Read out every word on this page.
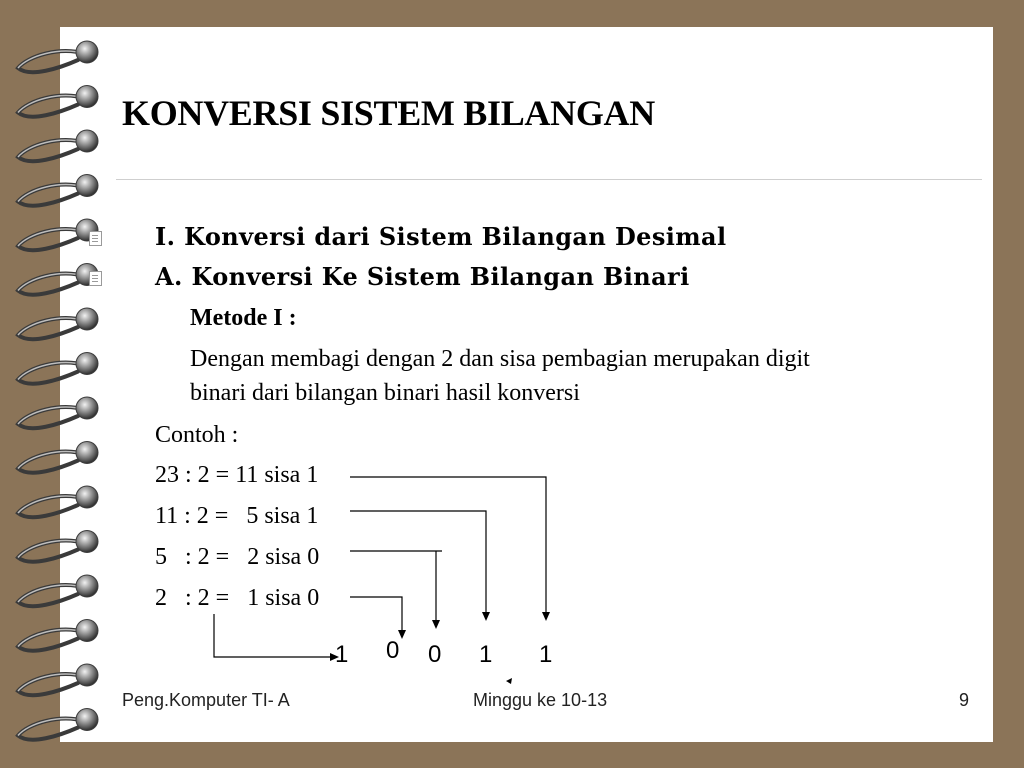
KONVERSI SISTEM BILANGAN
I. Konversi dari Sistem Bilangan Desimal
A. Konversi Ke Sistem Bilangan Binari
Metode I :
Dengan membagi dengan 2 dan sisa pembagian merupakan digit
binari dari bilangan binari hasil konversi
Contoh :
23 : 2 = 11 sisa 1
11 : 2 =   5 sisa 1
5   : 2 =   2 sisa 0
2   : 2 =   1 sisa 0
1 0 0 1 1
Peng.Komputer TI- A	Minggu ke 10-13	9
